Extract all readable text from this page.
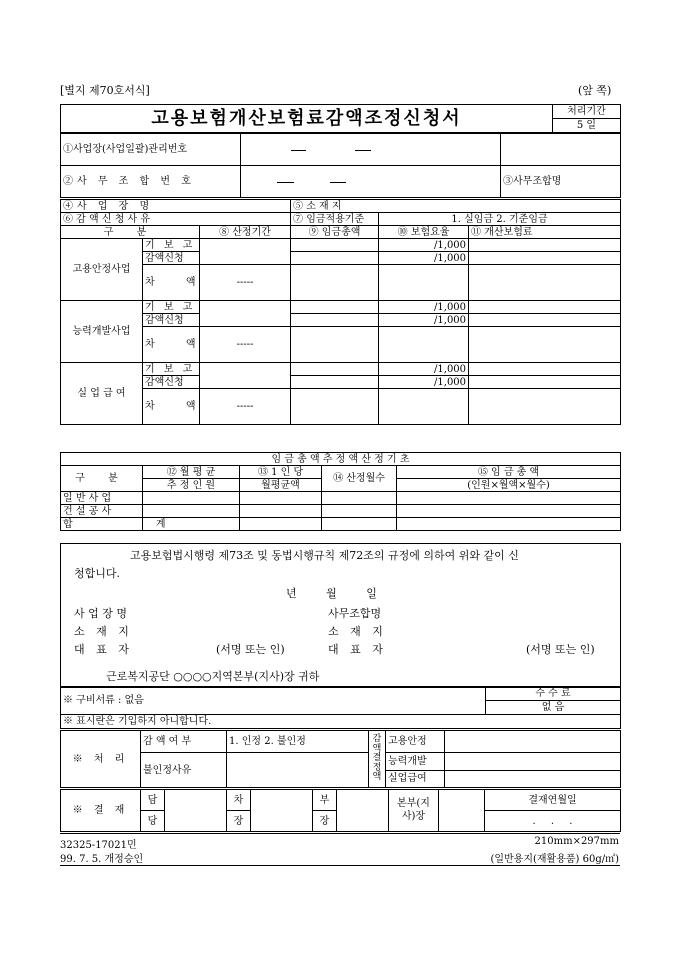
[별지 제70호서식]	(앞 쪽)
고용보험개산보험료감액조정신청서	처리기간
5 일
①사업장(사업일괄)관리번호	

②사 무 조 합 번 호		③사무조합명
④사 업 장 명			⑤ 소 재 지		
⑥ 감 액 신 청 사 유			⑦ 임금적용기준	1. 실임금 2. 기준임금	
구 분		⑧ 산정기간	⑨ 임금총액	⑩ 보험요율	⑪ 개산보험료
고용안정사업	기 보 고			/1,000	
	감액신청			/1,000	
	차 액	-----			
능력개발사업	기 보 고			/1,000	
	감액신청			/1,000	
	차 액	-----			
실 업 급 여	기 보 고			/1,000	
	감액신청			/1,000	
	차 액	-----			
임 금 총 액 추 정 액 산 정 기 초				
구 분	⑫ 월 평 균	⑬ 1 인 당	⑭ 산정월수	⑮ 임 금 총 액
	추 정 인 원	월평균액		(인원×월액×월수)
일 반 사 업				
건 설 공 사				
합 계				
고용보험법시행령 제73조 및 동법시행규칙 제72조의 규정에 의하여 위와 같이 신
청합니다.
년 월 일
사 업 장 명
소 재 지
대 표 자	(서명 또는 인)
사무조합명
소 재 지
대 표 자	(서명 또는 인)
근로복지공단 ○○○○지역본부(지사)장 귀하
※ 구비서류 : 없음	수 수 료
없 음
※ 표시란은 기입하지 아니합니다.
※ 처 리	감 액 여 부	1. 인정 2. 불인정	감액결정액	고용안정	
	불인정사유			능력개발
실업급여	

※ 결 재	담		차		부		본부(지사)장		결재연월일
	당		장		장				. . .
32325-17021민
99. 7. 5. 개정승인
210mm×297mm
(일반용지(재활용품) 60g/㎡)
